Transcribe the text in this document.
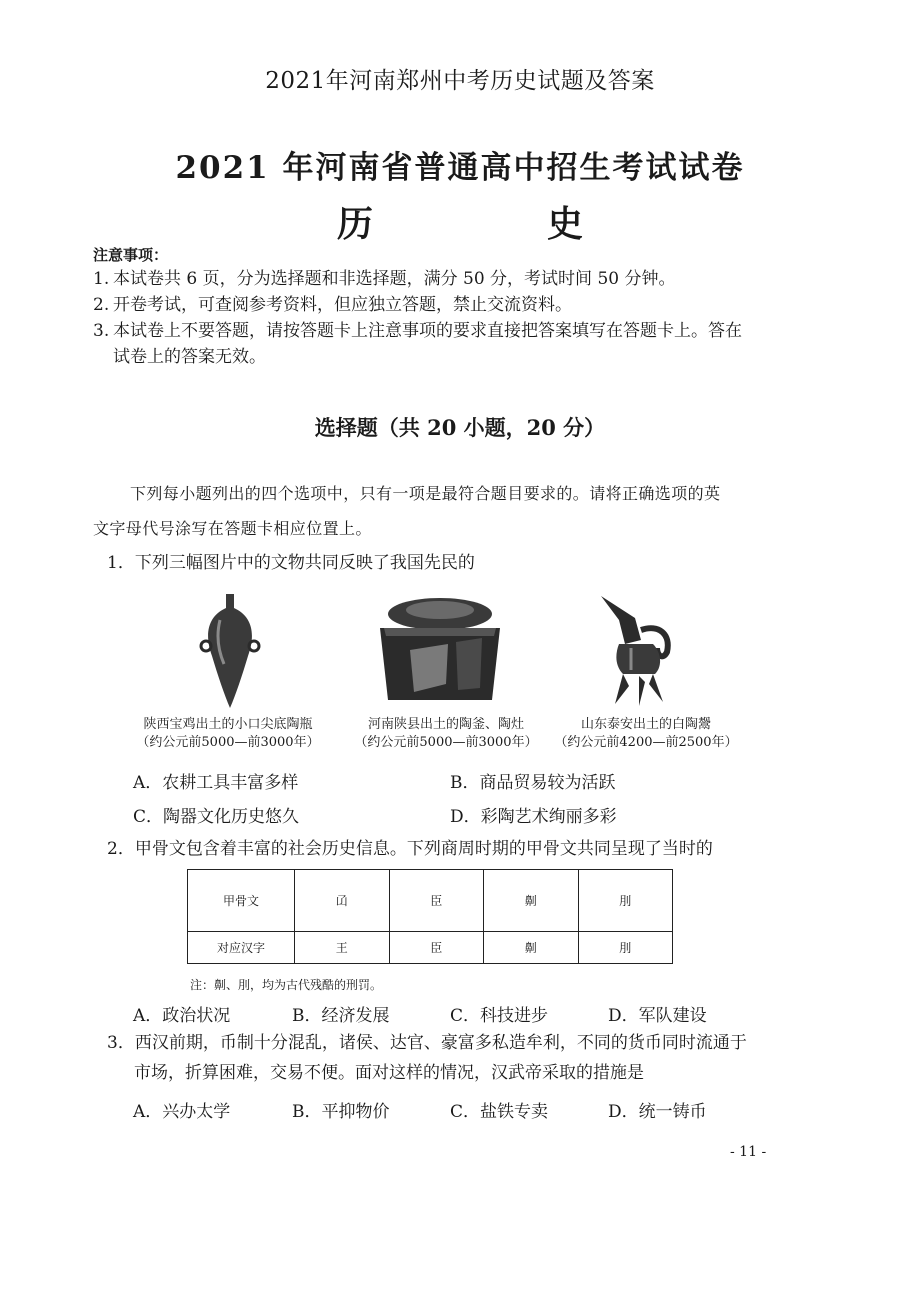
2021年河南郑州中考历史试题及答案
2021 年河南省普通高中招生考试试卷
历	史
注意事项：
1. 本试卷共 6 页，分为选择题和非选择题，满分 50 分，考试时间 50 分钟。
2. 开卷考试，可查阅参考资料，但应独立答题，禁止交流资料。
3. 本试卷上不要答题，请按答题卡上注意事项的要求直接把答案填写在答题卡上。答在
试卷上的答案无效。
选择题（共 20 小题，20 分）
下列每小题列出的四个选项中，只有一项是最符合题目要求的。请将正确选项的英
文字母代号涂写在答题卡相应位置上。
1．下列三幅图片中的文物共同反映了我国先民的
陕西宝鸡出土的小口尖底陶瓶
（约公元前5000—前3000年）
河南陕县出土的陶釜、陶灶
（约公元前5000—前3000年）
山东泰安出土的白陶鬶
（约公元前4200—前2500年）
A．农耕工具丰富多样	B．商品贸易较为活跃
C．陶器文化历史悠久	D．彩陶艺术绚丽多彩
2．甲骨文包含着丰富的社会历史信息。下列商周时期的甲骨文共同呈现了当时的
甲骨文	𠙶	臣	劓	刖
对应汉字	王	臣	劓	刖
注：劓、刖，均为古代残酷的刑罚。
A．政治状况	B．经济发展	C．科技进步	D．军队建设
3．西汉前期，币制十分混乱，诸侯、达官、豪富多私造牟利，不同的货币同时流通于
市场，折算困难，交易不便。面对这样的情况，汉武帝采取的措施是
A．兴办太学	B．平抑物价	C．盐铁专卖	D．统一铸币
- 11 -
